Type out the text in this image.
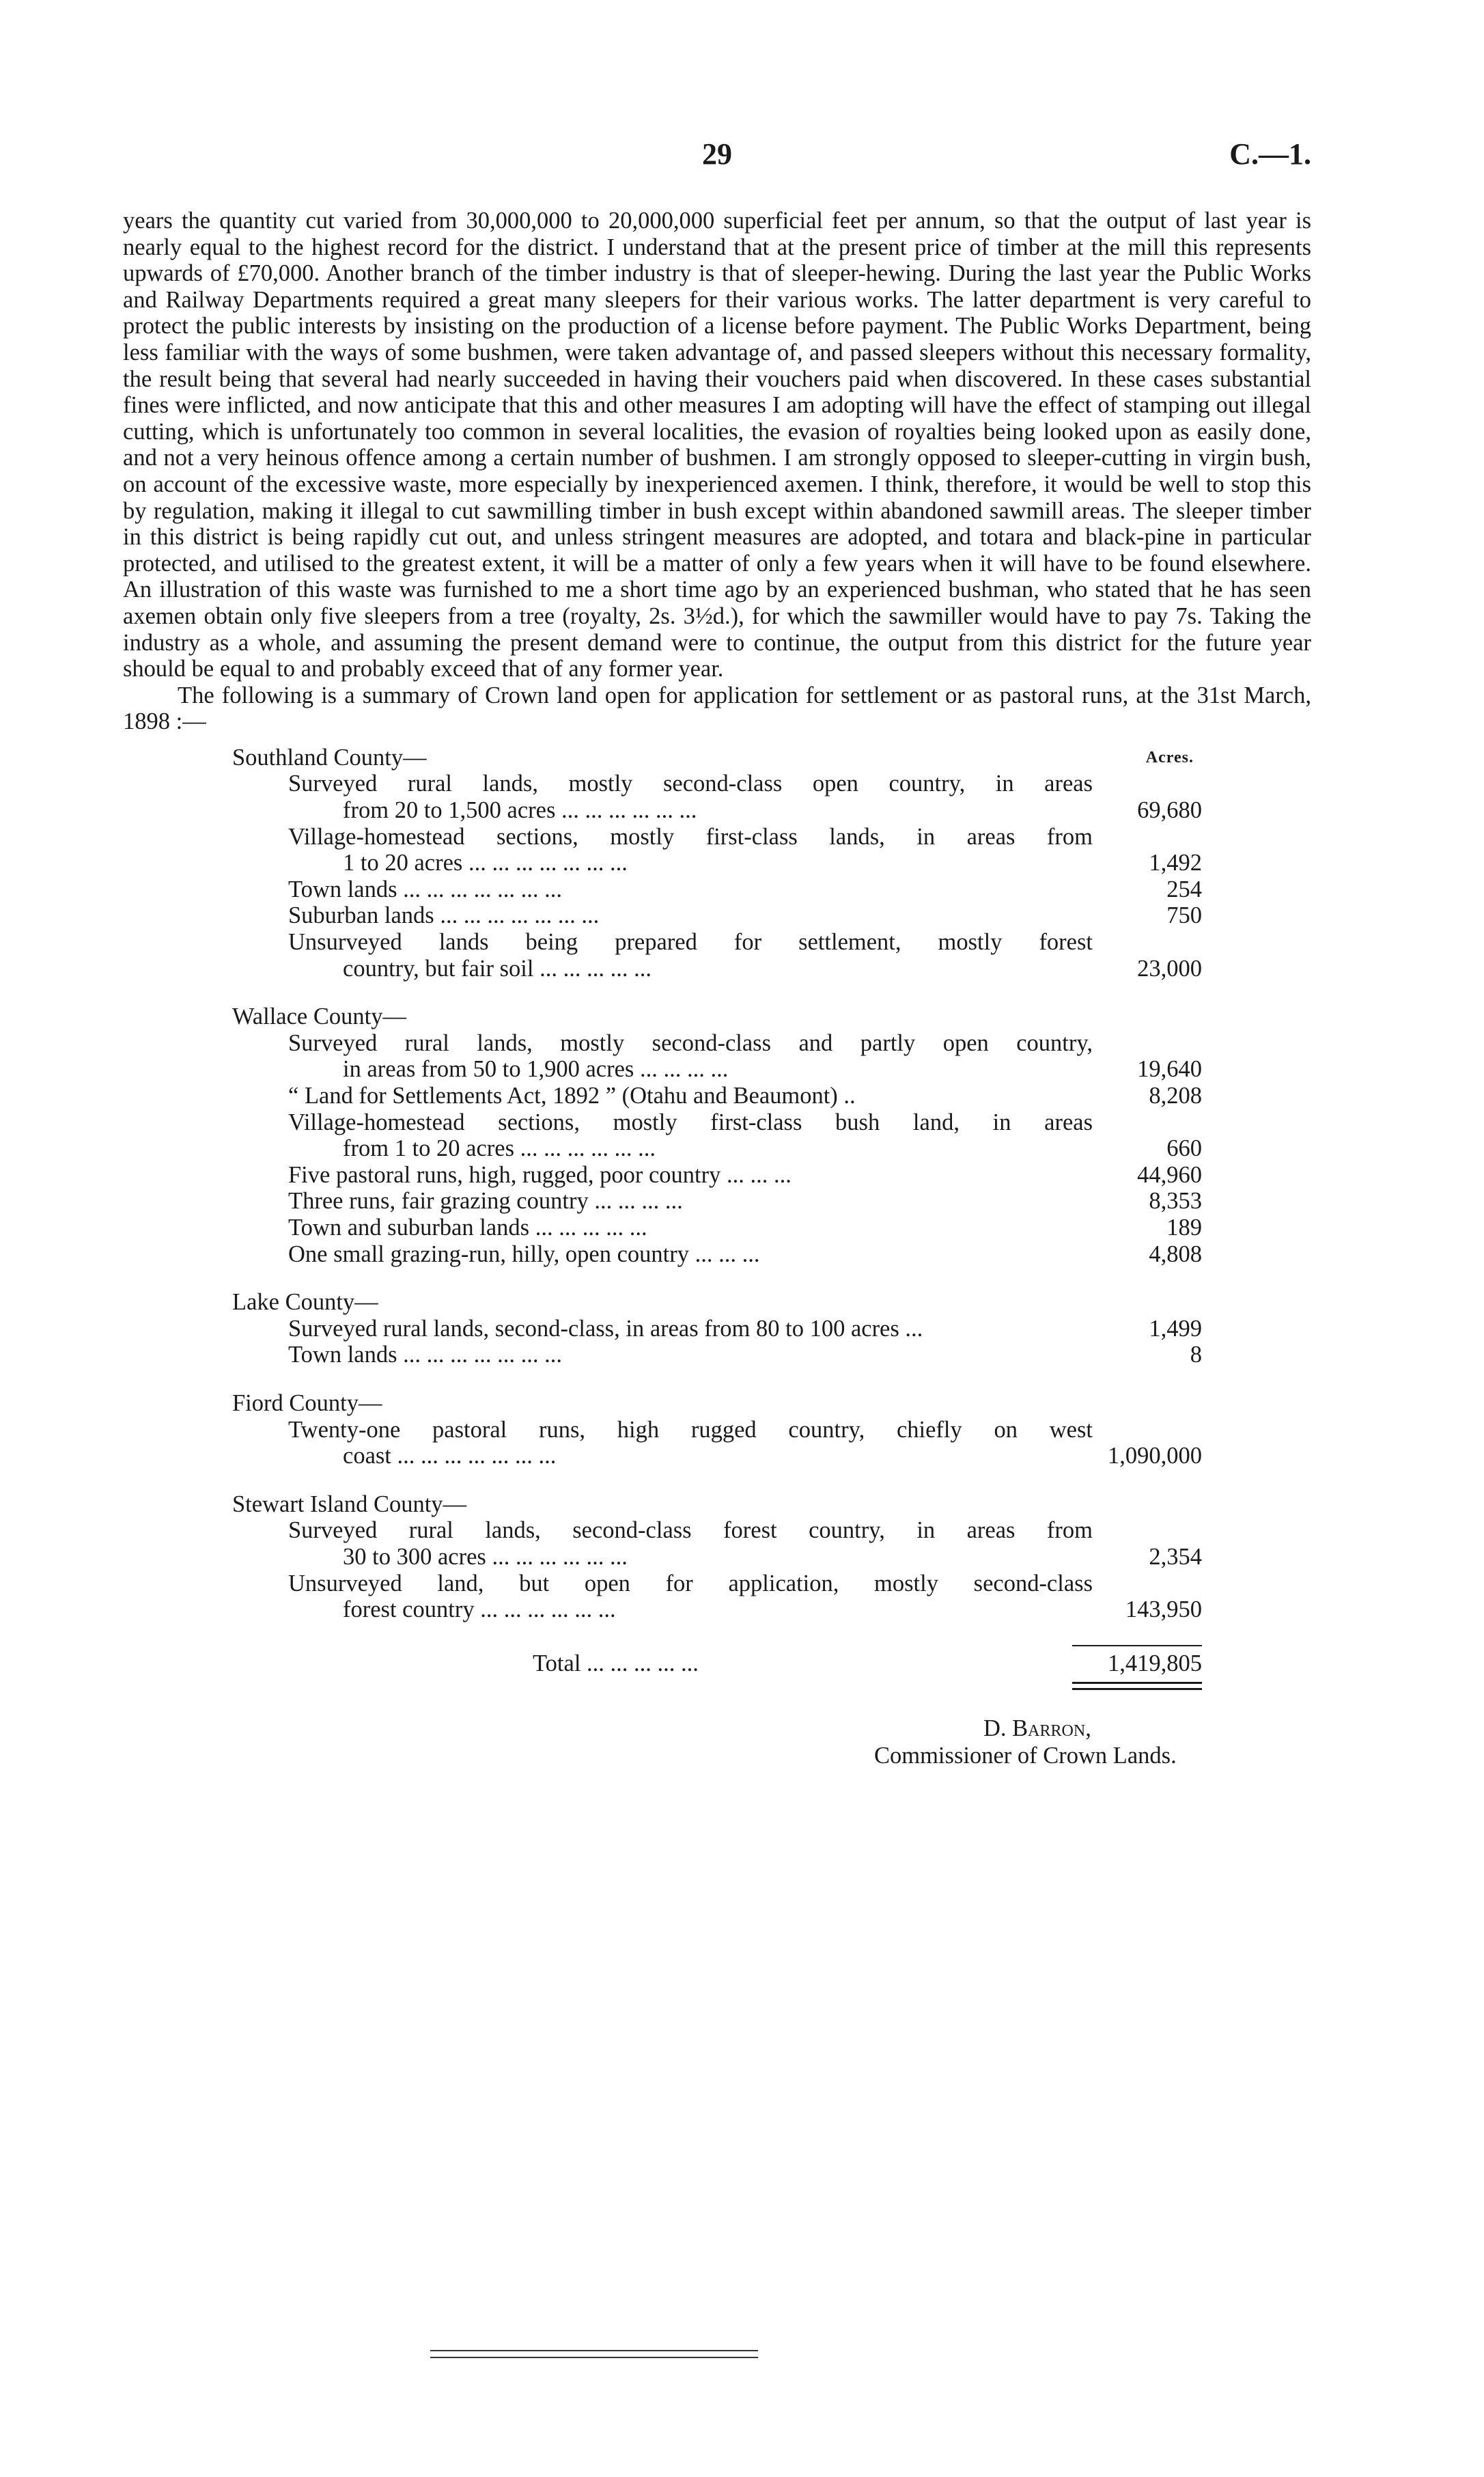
29	C.—1.

years the quantity cut varied from 30,000,000 to 20,000,000 superficial feet per annum, so that the output of last year is nearly equal to the highest record for the district. I understand that at the present price of timber at the mill this represents upwards of £70,000. Another branch of the timber industry is that of sleeper-hewing. During the last year the Public Works and Railway Departments required a great many sleepers for their various works. The latter department is very careful to protect the public interests by insisting on the production of a license before payment. The Public Works Department, being less familiar with the ways of some bushmen, were taken advantage of, and passed sleepers without this necessary formality, the result being that several had nearly succeeded in having their vouchers paid when discovered. In these cases substantial fines were inflicted, and now anticipate that this and other measures I am adopting will have the effect of stamping out illegal cutting, which is unfortunately too common in several localities, the evasion of royalties being looked upon as easily done, and not a very heinous offence among a certain number of bushmen. I am strongly opposed to sleeper-cutting in virgin bush, on account of the excessive waste, more especially by inexperienced axemen. I think, therefore, it would be well to stop this by regulation, making it illegal to cut sawmilling timber in bush except within abandoned sawmill areas. The sleeper timber in this district is being rapidly cut out, and unless stringent measures are adopted, and totara and black-pine in particular protected, and utilised to the greatest extent, it will be a matter of only a few years when it will have to be found elsewhere. An illustration of this waste was furnished to me a short time ago by an experienced bushman, who stated that he has seen axemen obtain only five sleepers from a tree (royalty, 2s. 3½d.), for which the sawmiller would have to pay 7s. Taking the industry as a whole, and assuming the present demand were to continue, the output from this district for the future year should be equal to and probably exceed that of any former year.

The following is a summary of Crown land open for application for settlement or as pastoral runs, at the 31st March, 1898 :—

Southland County—	Acres.
Surveyed rural lands, mostly second-class open country, in areas
from 20 to 1,500 acres ... ... ... ... ... ...	69,680
Village-homestead sections, mostly first-class lands, in areas from
1 to 20 acres ... ... ... ... ... ... ...	1,492
Town lands ... ... ... ... ... ... ...	254
Suburban lands ... ... ... ... ... ... ...	750
Unsurveyed lands being prepared for settlement, mostly forest
country, but fair soil ... ... ... ... ...	23,000
Wallace County—
Surveyed rural lands, mostly second-class and partly open country,
in areas from 50 to 1,900 acres ... ... ... ...	19,640
“ Land for Settlements Act, 1892 ” (Otahu and Beaumont) ..	8,208
Village-homestead sections, mostly first-class bush land, in areas
from 1 to 20 acres ... ... ... ... ... ...	660
Five pastoral runs, high, rugged, poor country ... ... ...	44,960
Three runs, fair grazing country ... ... ... ...	8,353
Town and suburban lands ... ... ... ... ...	189
One small grazing-run, hilly, open country ... ... ...	4,808
Lake County—
Surveyed rural lands, second-class, in areas from 80 to 100 acres ...	1,499
Town lands ... ... ... ... ... ... ...	8
Fiord County—
Twenty-one pastoral runs, high rugged country, chiefly on west
coast ... ... ... ... ... ... ...	1,090,000
Stewart Island County—
Surveyed rural lands, second-class forest country, in areas from
30 to 300 acres ... ... ... ... ... ...	2,354
Unsurveyed land, but open for application, mostly second-class
forest country ... ... ... ... ... ...	143,950
Total ... ... ... ... ...	1,419,805
D. Barron,
Commissioner of Crown Lands.
